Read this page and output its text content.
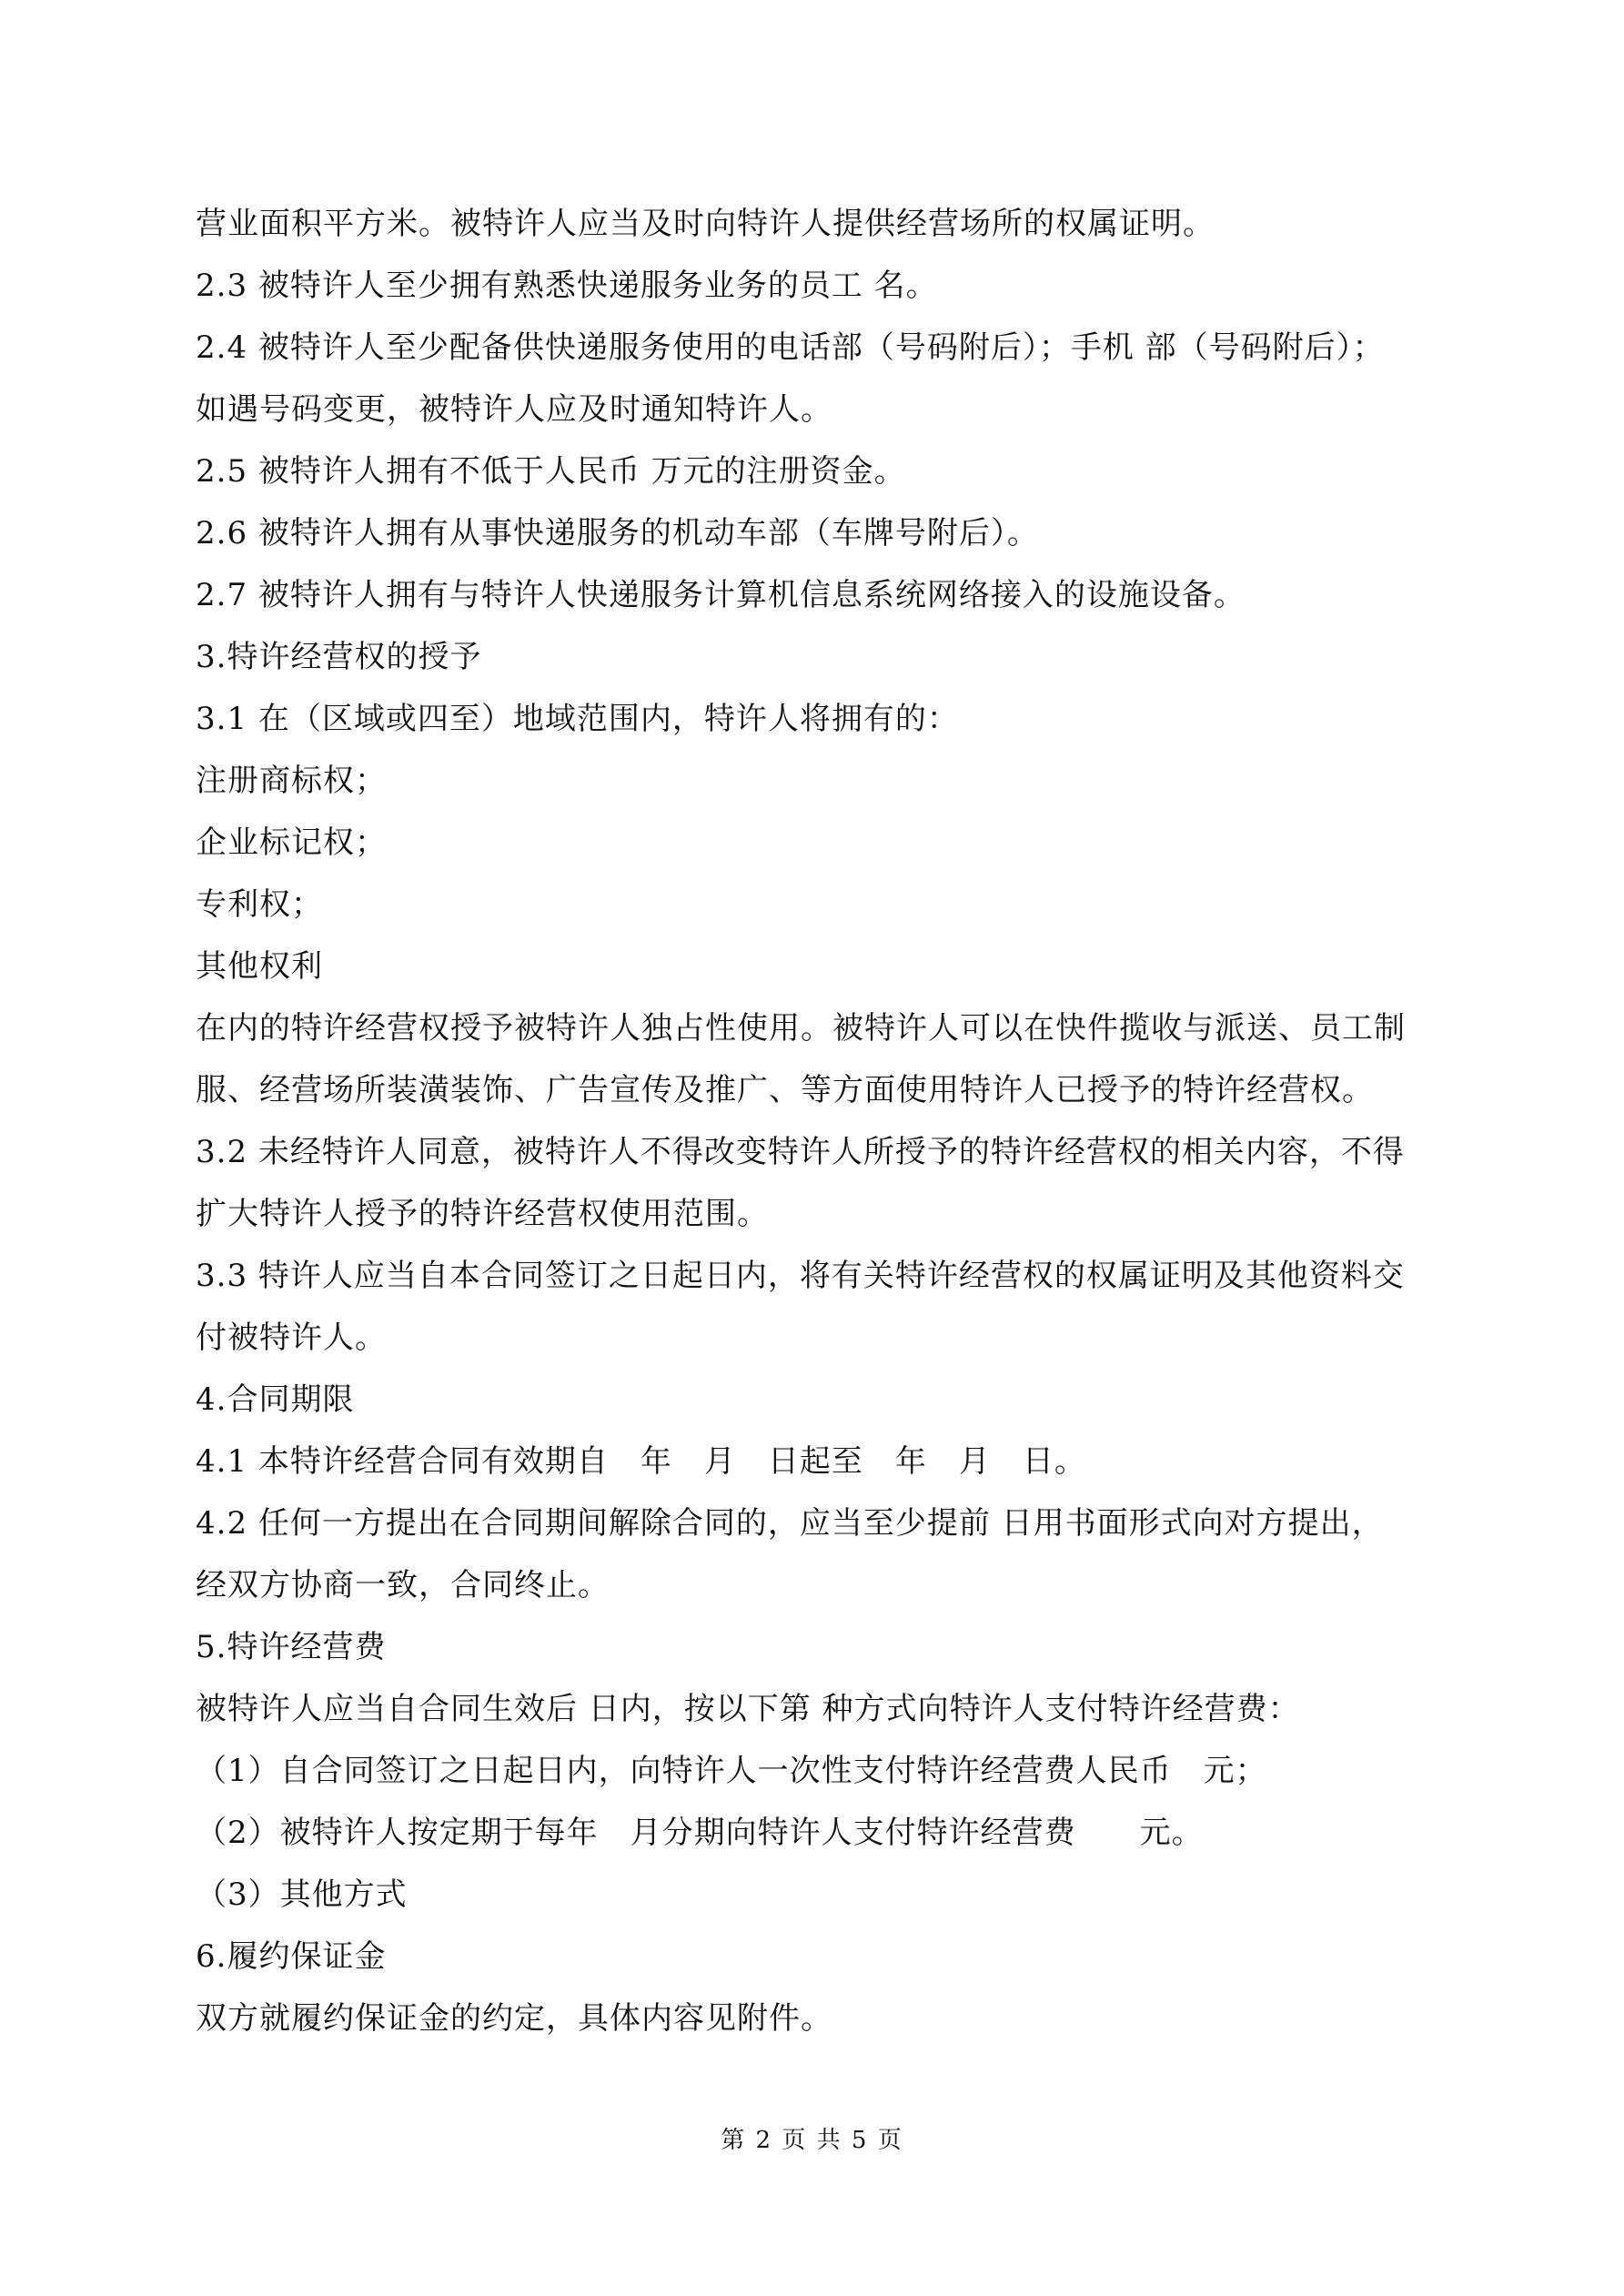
营业面积平方米。被特许人应当及时向特许人提供经营场所的权属证明。
2.3 被特许人至少拥有熟悉快递服务业务的员工 名。
2.4 被特许人至少配备供快递服务使用的电话部（号码附后）；手机 部（号码附后）；
如遇号码变更，被特许人应及时通知特许人。
2.5 被特许人拥有不低于人民币 万元的注册资金。
2.6 被特许人拥有从事快递服务的机动车部（车牌号附后）。
2.7 被特许人拥有与特许人快递服务计算机信息系统网络接入的设施设备。
3.特许经营权的授予
3.1 在（区域或四至）地域范围内，特许人将拥有的：
注册商标权；
企业标记权；
专利权；
其他权利
在内的特许经营权授予被特许人独占性使用。被特许人可以在快件揽收与派送、员工制
服、经营场所装潢装饰、广告宣传及推广、等方面使用特许人已授予的特许经营权。
3.2 未经特许人同意，被特许人不得改变特许人所授予的特许经营权的相关内容，不得
扩大特许人授予的特许经营权使用范围。
3.3 特许人应当自本合同签订之日起日内，将有关特许经营权的权属证明及其他资料交
付被特许人。
4.合同期限
4.1 本特许经营合同有效期自　年　月　日起至　年　月　日。
4.2 任何一方提出在合同期间解除合同的，应当至少提前 日用书面形式向对方提出，
经双方协商一致，合同终止。
5.特许经营费
被特许人应当自合同生效后 日内，按以下第 种方式向特许人支付特许经营费：
（1）自合同签订之日起日内，向特许人一次性支付特许经营费人民币　元；
（2）被特许人按定期于每年　月分期向特许人支付特许经营费　　元。
（3）其他方式
6.履约保证金
双方就履约保证金的约定，具体内容见附件。
第 2 页 共 5 页
